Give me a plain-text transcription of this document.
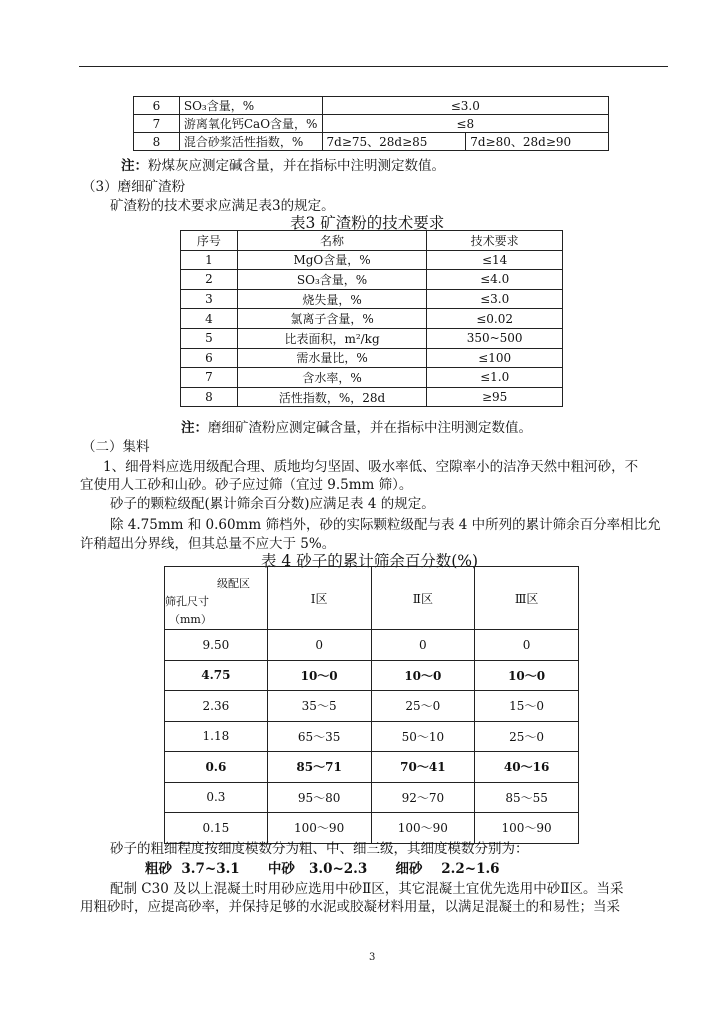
6	SO₃含量，%	≤3.0	
7	游离氧化钙CaO含量，%	≤8	
8	混合砂浆活性指数，%	7d≥75、28d≥85	7d≥80、28d≥90
注：粉煤灰应测定碱含量，并在指标中注明测定数值。
（3）磨细矿渣粉
矿渣粉的技术要求应满足表3的规定。
表3 矿渣粉的技术要求
序号	名称	技术要求
1	MgO含量，%	≤14
2	SO₃含量，%	≤4.0
3	烧失量，%	≤3.0
4	氯离子含量，%	≤0.02
5	比表面积，m²/kg	350~500
6	需水量比，%	≤100
7	含水率，%	≤1.0
8	活性指数，%，28d	≥95
注：磨细矿渣粉应测定碱含量，并在指标中注明测定数值。
（二）集料
1、细骨料应选用级配合理、质地均匀坚固、吸水率低、空隙率小的洁净天然中粗河砂，不
宜使用人工砂和山砂。砂子应过筛（宜过 9.5mm 筛）。
砂子的颗粒级配(累计筛余百分数)应满足表 4 的规定。
除 4.75mm 和 0.60mm 筛档外，砂的实际颗粒级配与表 4 中所列的累计筛余百分率相比允
许稍超出分界线，但其总量不应大于 5%。
表 4 砂子的累计筛余百分数(%)
级配区
筛孔尺寸
（mm）	Ⅰ区	Ⅱ区	Ⅲ区
9.50	0	0	0
4.75	10～0	10～0	10～0
2.36	35～5	25～0	15～0
1.18	65～35	50～10	25～0
0.6	85～71	70～41	40～16
0.3	95～80	92～70	85～55
0.15	100～90	100～90	100～90
砂子的粗细程度按细度模数分为粗、中、细三级，其细度模数分别为：
粗砂  3.7~3.1      中砂   3.0~2.3      细砂    2.2~1.6
配制 C30 及以上混凝土时用砂应选用中砂Ⅱ区，其它混凝土宜优先选用中砂Ⅱ区。当采
用粗砂时，应提高砂率，并保持足够的水泥或胶凝材料用量，以满足混凝土的和易性；当采
3
